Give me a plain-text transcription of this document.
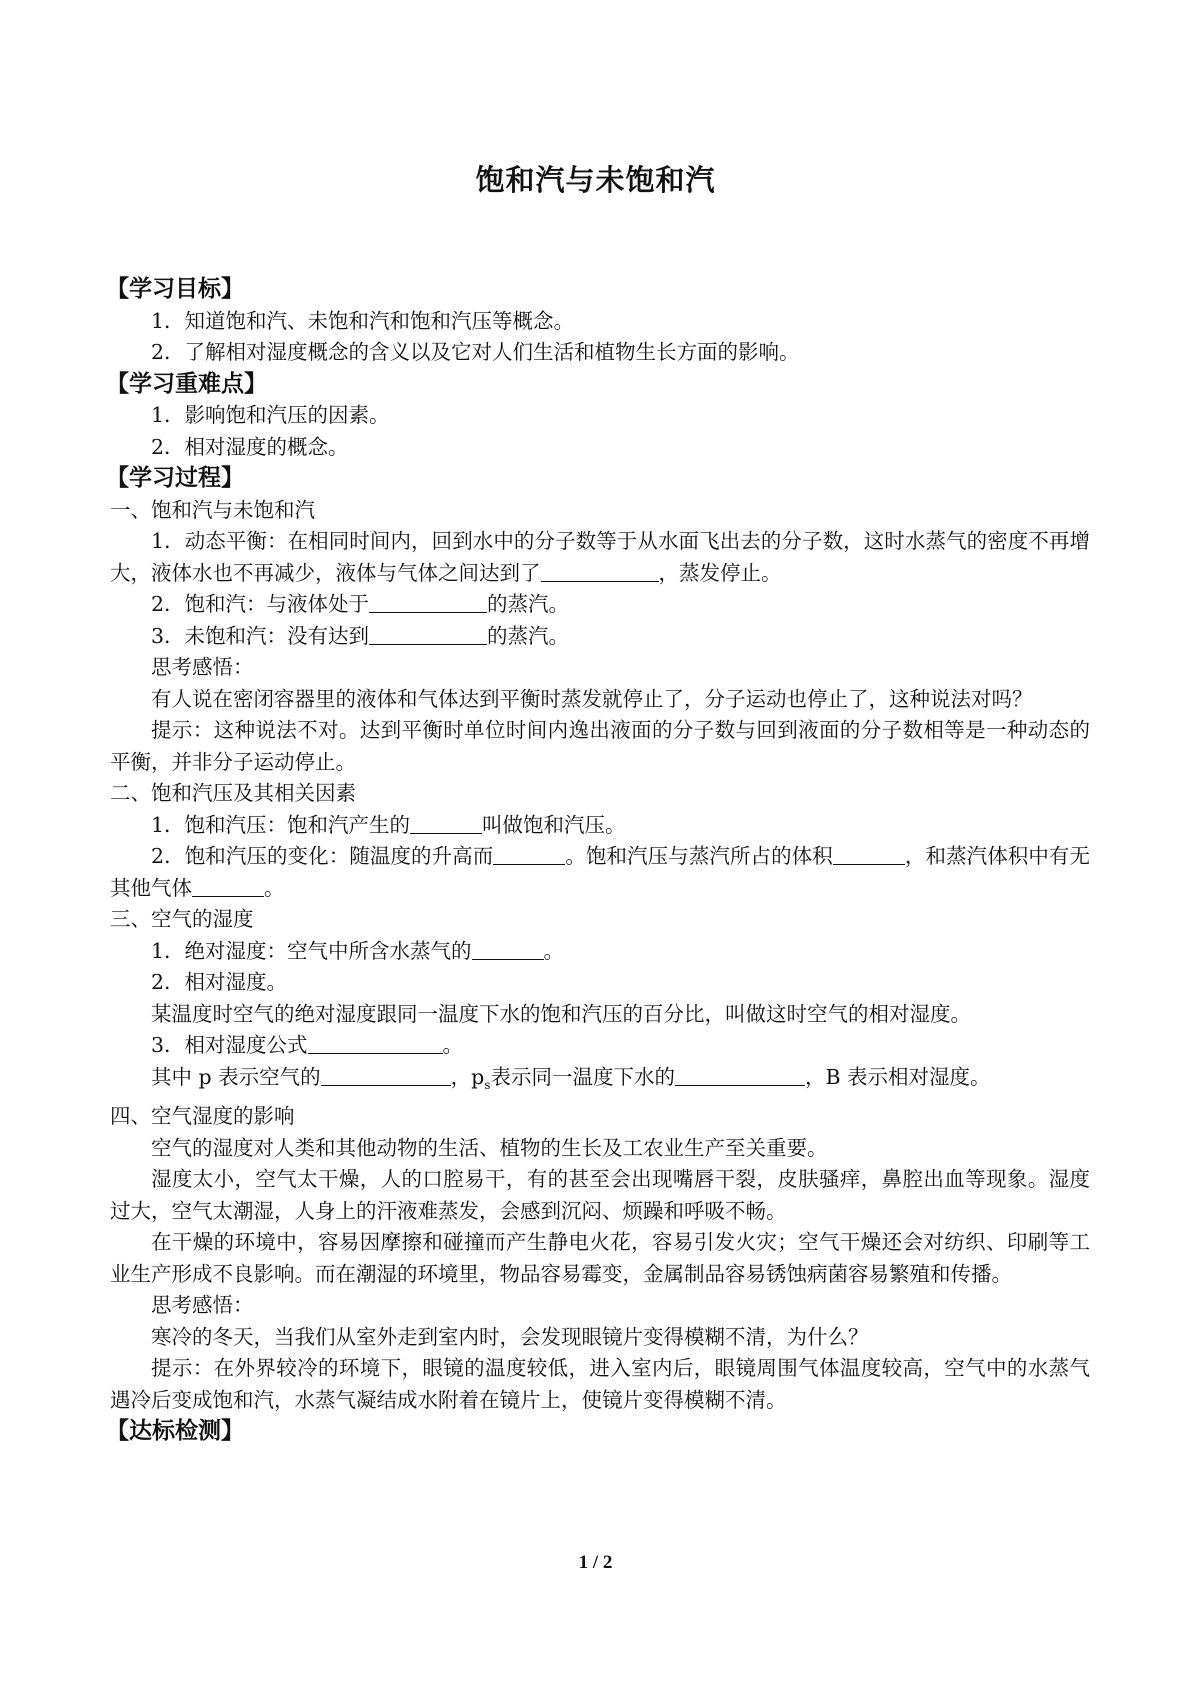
饱和汽与未饱和汽
【学习目标】
1．知道饱和汽、未饱和汽和饱和汽压等概念。
2．了解相对湿度概念的含义以及它对人们生活和植物生长方面的影响。
【学习重难点】
1．影响饱和汽压的因素。
2．相对湿度的概念。
【学习过程】
一、饱和汽与未饱和汽
1．动态平衡：在相同时间内，回到水中的分子数等于从水面飞出去的分子数，这时水蒸气的密度不再增大，液体水也不再减少，液体与气体之间达到了	，蒸发停止。
2．饱和汽：与液体处于	的蒸汽。
3．未饱和汽：没有达到	的蒸汽。
思考感悟：
有人说在密闭容器里的液体和气体达到平衡时蒸发就停止了，分子运动也停止了，这种说法对吗？
提示：这种说法不对。达到平衡时单位时间内逸出液面的分子数与回到液面的分子数相等是一种动态的平衡，并非分子运动停止。
二、饱和汽压及其相关因素
1．饱和汽压：饱和汽产生的	叫做饱和汽压。
2．饱和汽压的变化：随温度的升高而	。饱和汽压与蒸汽所占的体积	，和蒸汽体积中有无其他气体	。
三、空气的湿度
1．绝对湿度：空气中所含水蒸气的	。
2．相对湿度。
某温度时空气的绝对湿度跟同一温度下水的饱和汽压的百分比，叫做这时空气的相对湿度。
3．相对湿度公式	。
其中 p 表示空气的	，$p_s$表示同一温度下水的	，B 表示相对湿度。
四、空气湿度的影响
空气的湿度对人类和其他动物的生活、植物的生长及工农业生产至关重要。
湿度太小，空气太干燥，人的口腔易干，有的甚至会出现嘴唇干裂，皮肤骚痒，鼻腔出血等现象。湿度过大，空气太潮湿，人身上的汗液难蒸发，会感到沉闷、烦躁和呼吸不畅。
在干燥的环境中，容易因摩擦和碰撞而产生静电火花，容易引发火灾；空气干燥还会对纺织、印刷等工业生产形成不良影响。而在潮湿的环境里，物品容易霉变，金属制品容易锈蚀病菌容易繁殖和传播。
思考感悟：
寒冷的冬天，当我们从室外走到室内时，会发现眼镜片变得模糊不清，为什么？
提示：在外界较冷的环境下，眼镜的温度较低，进入室内后，眼镜周围气体温度较高，空气中的水蒸气遇冷后变成饱和汽，水蒸气凝结成水附着在镜片上，使镜片变得模糊不清。
【达标检测】
1 / 2
